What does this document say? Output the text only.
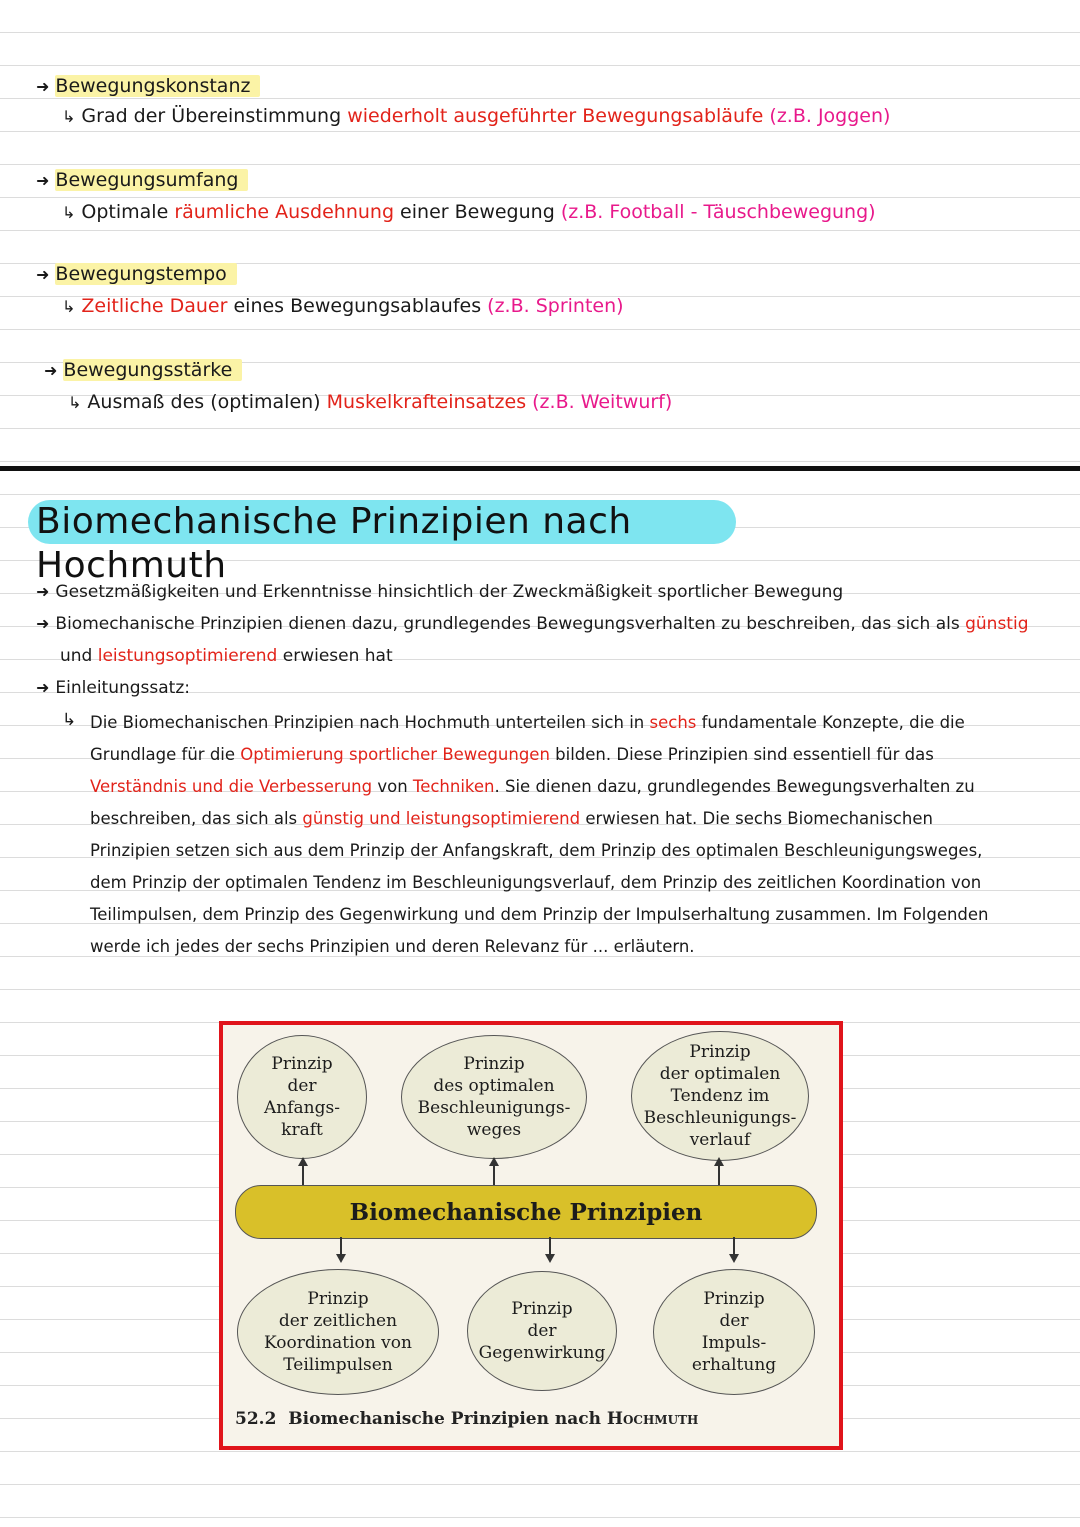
➜ Bewegungskonstanz
↳ Grad der Übereinstimmung wiederholt ausgeführter Bewegungsabläufe (z.B. Joggen)
➜ Bewegungsumfang
↳ Optimale räumliche Ausdehnung einer Bewegung (z.B. Football - Täuschbewegung)
➜ Bewegungstempo
↳ Zeitliche Dauer eines Bewegungsablaufes (z.B. Sprinten)
➜ Bewegungsstärke
↳ Ausmaß des (optimalen) Muskelkrafteinsatzes (z.B. Weitwurf)
Biomechanische Prinzipien nach Hochmuth
➜ Gesetzmäßigkeiten und Erkenntnisse hinsichtlich der Zweckmäßigkeit sportlicher Bewegung
➜ Biomechanische Prinzipien dienen dazu, grundlegendes Bewegungsverhalten zu beschreiben, das sich als günstig
und leistungsoptimierend erwiesen hat
➜ Einleitungssatz:
↳ Die Biomechanischen Prinzipien nach Hochmuth unterteilen sich in sechs fundamentale Konzepte, die die
Grundlage für die Optimierung sportlicher Bewegungen bilden. Diese Prinzipien sind essentiell für das
Verständnis und die Verbesserung von Techniken. Sie dienen dazu, grundlegendes Bewegungsverhalten zu
beschreiben, das sich als günstig und leistungsoptimierend erwiesen hat. Die sechs Biomechanischen
Prinzipien setzen sich aus dem Prinzip der Anfangskraft, dem Prinzip des optimalen Beschleunigungsweges,
dem Prinzip der optimalen Tendenz im Beschleunigungsverlauf, dem Prinzip des zeitlichen Koordination von
Teilimpulsen, dem Prinzip des Gegenwirkung und dem Prinzip der Impulserhaltung zusammen. Im Folgenden
werde ich jedes der sechs Prinzipien und deren Relevanz für ... erläutern.
Prinzip
der
Anfangs-
kraft
Prinzip
des optimalen
Beschleunigungs-
weges
Prinzip
der optimalen
Tendenz im
Beschleunigungs-
verlauf
Biomechanische Prinzipien
Prinzip
der zeitlichen
Koordination von
Teilimpulsen
Prinzip
der
Gegenwirkung
Prinzip
der
Impuls-
erhaltung
52.2 Biomechanische Prinzipien nach Hochmuth
